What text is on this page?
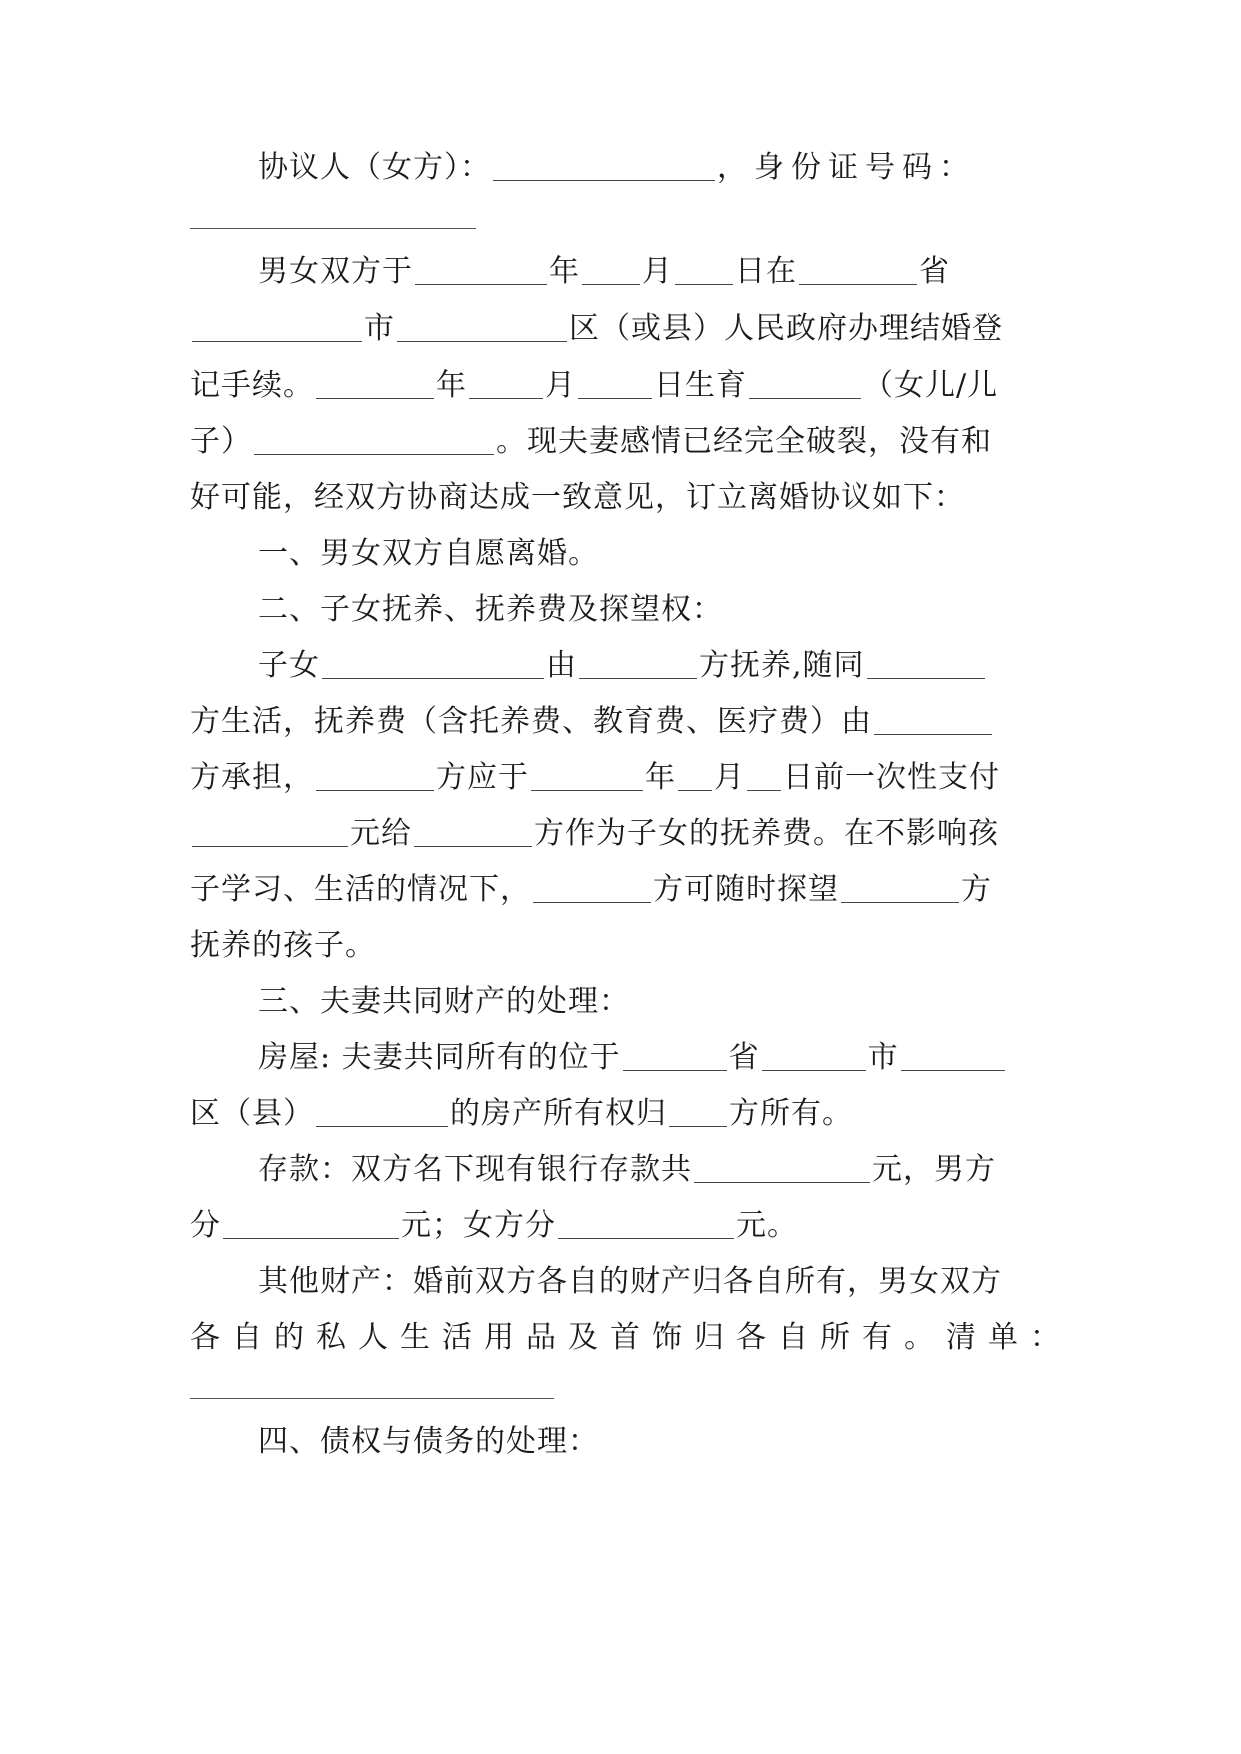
协议人（女方）：	，身份证号码：
男女双方于	年 月 日在	省
市	区（或县）人民政府办理结婚登
记手续。	年	月	日生育	（女儿/儿
子）	。现夫妻感情已经完全破裂，没有和
好可能，经双方协商达成一致意见，订立离婚协议如下：
一、男女双方自愿离婚。
二、子女抚养、抚养费及探望权：
子女	由	方抚养,随同
方生活，抚养费（含托养费、教育费、医疗费）由
方承担，	方应于	年 月 日前一次性支付
元给	方作为子女的抚养费。在不影响孩
子学习、生活的情况下，	方可随时探望	方
抚养的孩子。
三、夫妻共同财产的处理：
房屋: 夫妻共同所有的位于	省	市
区（县）	的房产所有权归 方所有。
存款：双方名下现有银行存款共	元，男方
分	元；女方分	元。
其他财产：婚前双方各自的财产归各自所有，男女双方
各自的私人生活用品及首饰归各自所有。清单：
四、债权与债务的处理：
